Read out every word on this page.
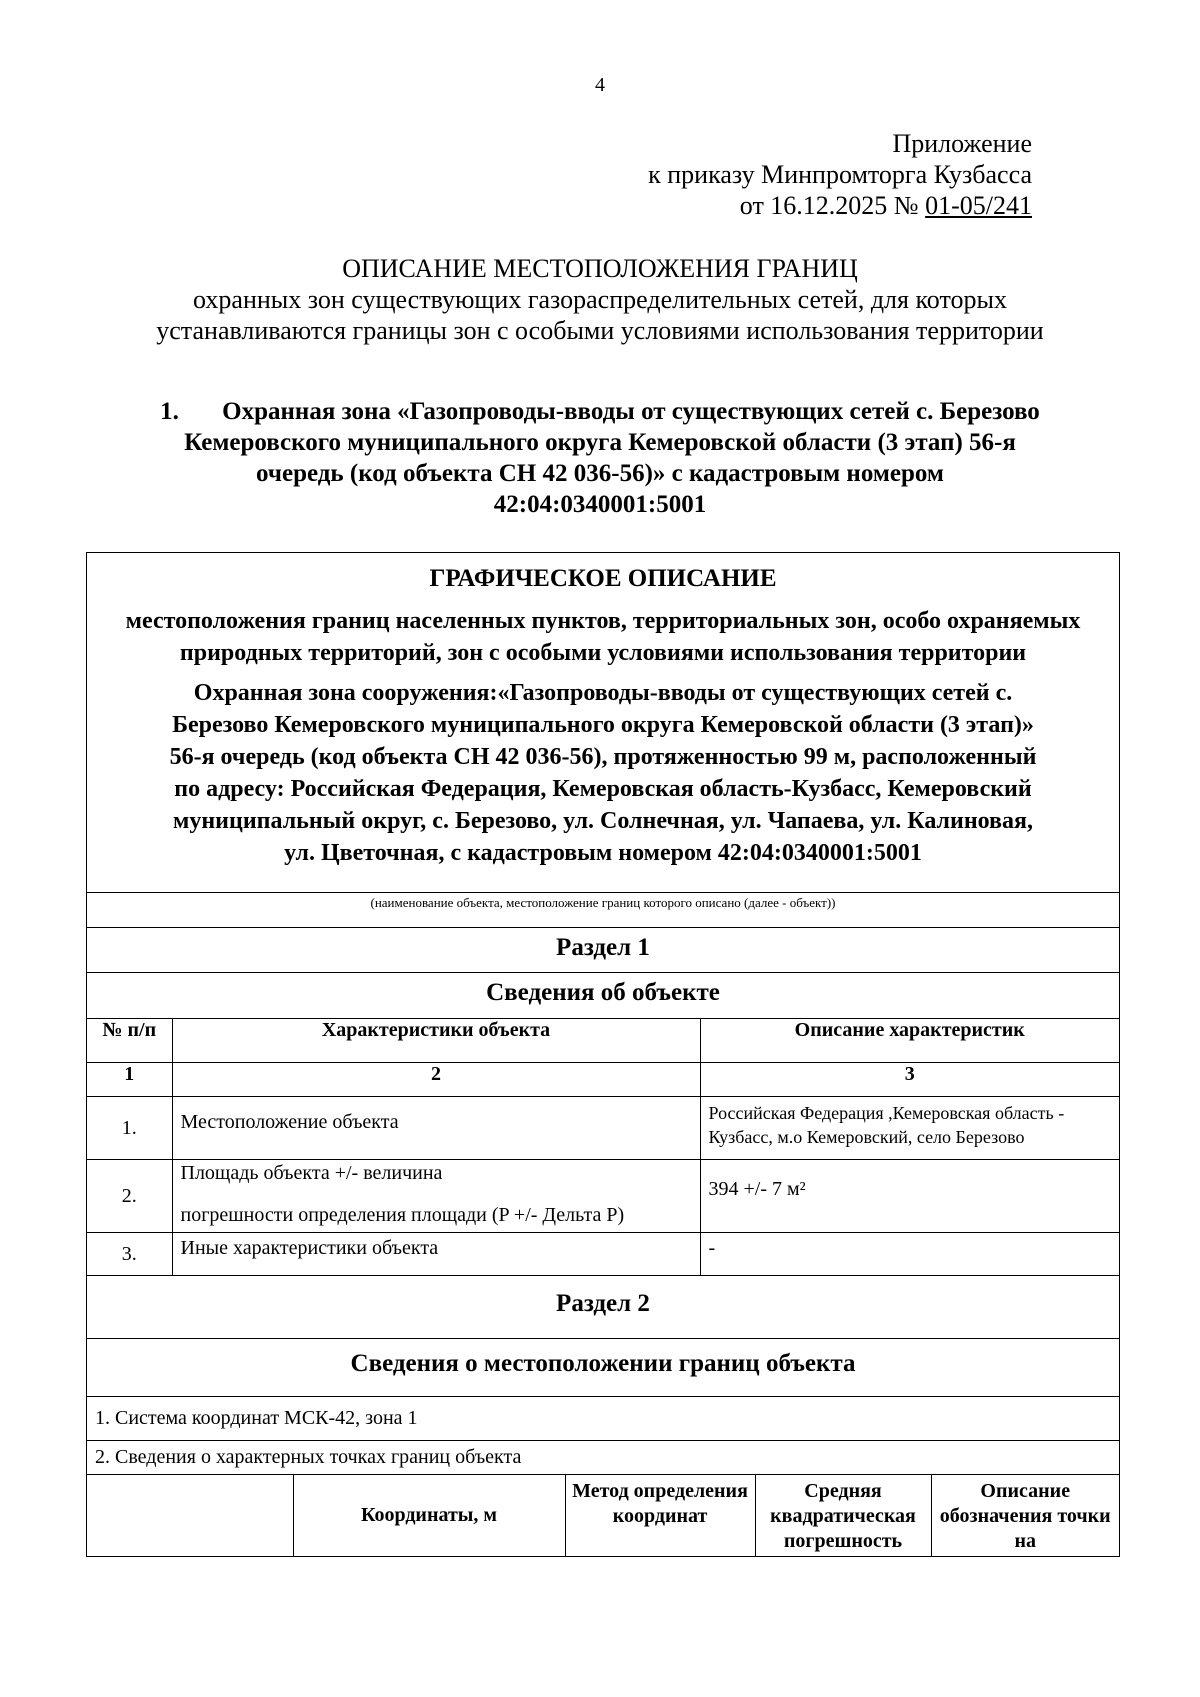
4
Приложение
к приказу Минпромторга Кузбасса
от 16.12.2025 № 01-05/241
ОПИСАНИЕ МЕСТОПОЛОЖЕНИЯ ГРАНИЦ
охранных зон существующих газораспределительных сетей, для которых
устанавливаются границы зон с особыми условиями использования территории
1. Охранная зона «Газопроводы-вводы от существующих сетей с. Березово
Кемеровского муниципального округа Кемеровской области (3 этап) 56-я
очередь (код объекта СН 42 036-56)» с кадастровым номером
42:04:0340001:5001
ГРАФИЧЕСКОЕ ОПИСАНИЕ
местоположения границ населенных пунктов, территориальных зон, особо охраняемых природных территорий, зон с особыми условиями использования территории
Охранная зона сооружения:«Газопроводы-вводы от существующих сетей с.
Березово Кемеровского муниципального округа Кемеровской области (3 этап)»
56-я очередь (код объекта СН 42 036-56), протяженностью 99 м, расположенный
по адресу: Российская Федерация, Кемеровская область-Кузбасс, Кемеровский
муниципальный округ, с. Березово, ул. Солнечная, ул. Чапаева, ул. Калиновая,
ул. Цветочная, с кадастровым номером 42:04:0340001:5001
(наименование объекта, местоположение границ которого описано (далее - объект))
Раздел 1
Сведения об объекте
№ п/п	Характеристики объекта	Описание характеристик
1	2	3
1.	Местоположение объекта	Российская Федерация ,Кемеровская область - Кузбасс, м.о Кемеровский, село Березово

2.	Площадь объекта +/- величина
погрешности определения площади (P +/- Дельта P)	394 +/- 7 м²

3.	Иные характеристики объекта	-
Раздел 2
Сведения о местоположении границ объекта
1. Система координат МСК-42, зона 1
2. Сведения о характерных точках границ объекта
	Координаты, м	Метод определения координат	Средняя квадратическая погрешность	Описание обозначения точки на
